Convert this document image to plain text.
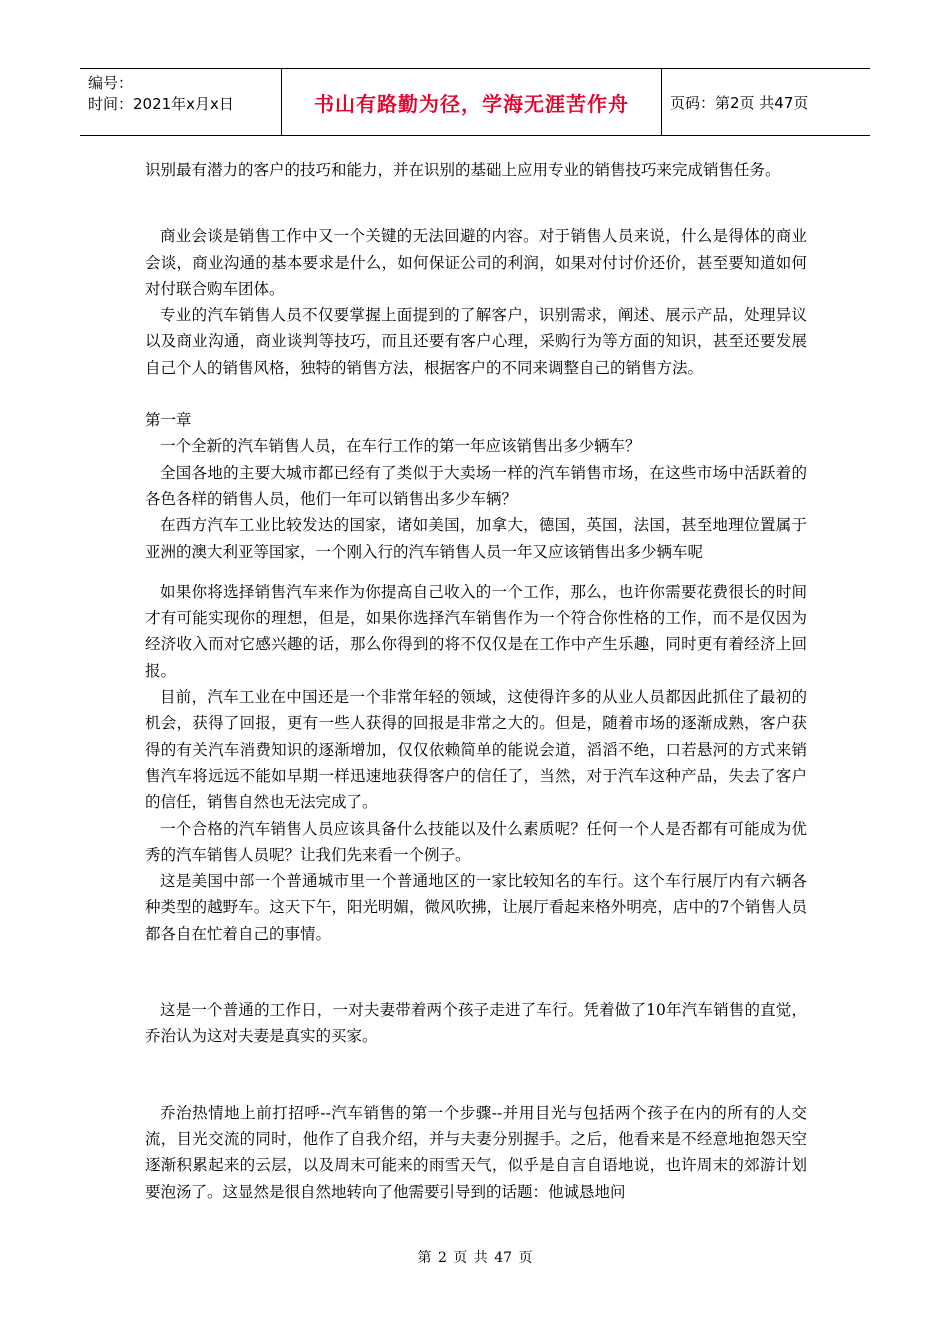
编号：
时间：2021年x月x日	书山有路勤为径，学海无涯苦作舟	页码：第2页 共47页

识别最有潜力的客户的技巧和能力，并在识别的基础上应用专业的销售技巧来完成销售任务。

商业会谈是销售工作中又一个关键的无法回避的内容。对于销售人员来说，什么是得体的商业会谈，商业沟通的基本要求是什么，如何保证公司的利润，如果对付讨价还价，甚至要知道如何对付联合购车团体。

专业的汽车销售人员不仅要掌握上面提到的了解客户，识别需求，阐述、展示产品，处理异议以及商业沟通，商业谈判等技巧，而且还要有客户心理，采购行为等方面的知识，甚至还要发展自己个人的销售风格，独特的销售方法，根据客户的不同来调整自己的销售方法。

第一章

一个全新的汽车销售人员，在车行工作的第一年应该销售出多少辆车？

全国各地的主要大城市都已经有了类似于大卖场一样的汽车销售市场，在这些市场中活跃着的各色各样的销售人员，他们一年可以销售出多少车辆？

在西方汽车工业比较发达的国家，诸如美国，加拿大，德国，英国，法国，甚至地理位置属于亚洲的澳大利亚等国家，一个刚入行的汽车销售人员一年又应该销售出多少辆车呢

如果你将选择销售汽车来作为你提高自己收入的一个工作，那么，也许你需要花费很长的时间才有可能实现你的理想，但是，如果你选择汽车销售作为一个符合你性格的工作，而不是仅因为经济收入而对它感兴趣的话，那么你得到的将不仅仅是在工作中产生乐趣，同时更有着经济上回报。

目前，汽车工业在中国还是一个非常年轻的领域，这使得许多的从业人员都因此抓住了最初的机会，获得了回报，更有一些人获得的回报是非常之大的。但是，随着市场的逐渐成熟，客户获得的有关汽车消费知识的逐渐增加，仅仅依赖简单的能说会道，滔滔不绝，口若悬河的方式来销售汽车将远远不能如早期一样迅速地获得客户的信任了，当然，对于汽车这种产品，失去了客户的信任，销售自然也无法完成了。

一个合格的汽车销售人员应该具备什么技能以及什么素质呢？任何一个人是否都有可能成为优秀的汽车销售人员呢？让我们先来看一个例子。

这是美国中部一个普通城市里一个普通地区的一家比较知名的车行。这个车行展厅内有六辆各种类型的越野车。这天下午，阳光明媚，微风吹拂，让展厅看起来格外明亮，店中的7个销售人员都各自在忙着自己的事情。

这是一个普通的工作日，一对夫妻带着两个孩子走进了车行。凭着做了10年汽车销售的直觉，乔治认为这对夫妻是真实的买家。

乔治热情地上前打招呼--汽车销售的第一个步骤--并用目光与包括两个孩子在内的所有的人交流，目光交流的同时，他作了自我介绍，并与夫妻分别握手。之后，他看来是不经意地抱怨天空逐渐积累起来的云层，以及周末可能来的雨雪天气，似乎是自言自语地说，也许周末的郊游计划要泡汤了。这显然是很自然地转向了他需要引导到的话题：他诚恳地问

第 2 页 共 47 页
